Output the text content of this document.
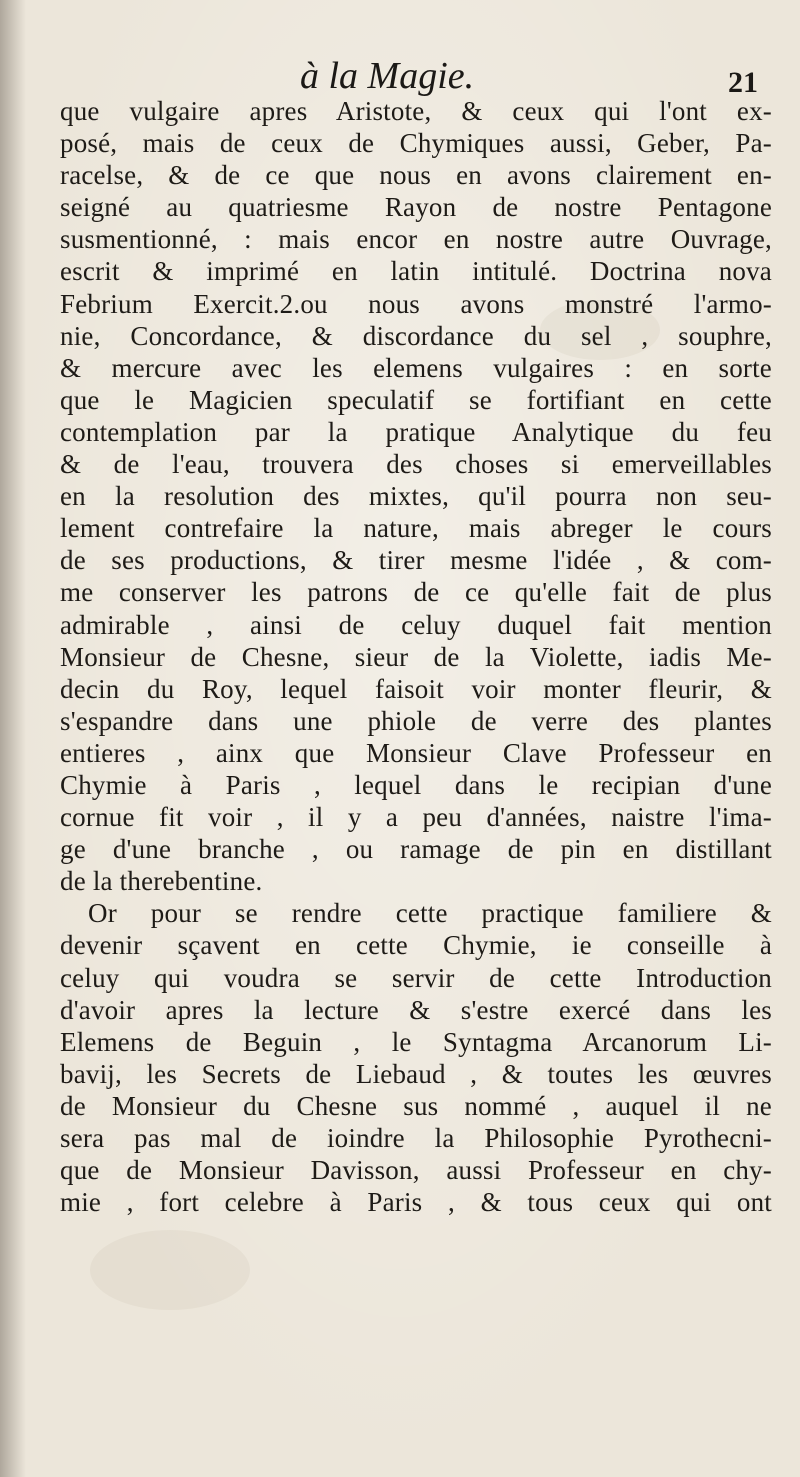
à la Magie.	21
que vulgaire apres Aristote, & ceux qui l'ont ex-
posé, mais de ceux de Chymiques aussi, Geber, Pa-
racelse, & de ce que nous en avons clairement en-
seigné au quatriesme Rayon de nostre Pentagone
susmentionné, : mais encor en nostre autre Ouvrage,
escrit & imprimé en latin intitulé. Doctrina nova
Febrium Exercit.2.ou nous avons monstré l'armo-
nie, Concordance, & discordance du sel , souphre,
& mercure avec les elemens vulgaires : en sorte
que le Magicien speculatif se fortifiant en cette
contemplation par la pratique Analytique du feu
& de l'eau, trouvera des choses si emerveillables
en la resolution des mixtes, qu'il pourra non seu-
lement contrefaire la nature, mais abreger le cours
de ses productions, & tirer mesme l'idée , & com-
me conserver les patrons de ce qu'elle fait de plus
admirable , ainsi de celuy duquel fait mention
Monsieur de Chesne, sieur de la Violette, iadis Me-
decin du Roy, lequel faisoit voir monter fleurir, &
s'espandre dans une phiole de verre des plantes
entieres , ainx que Monsieur Clave Professeur en
Chymie à Paris , lequel dans le recipian d'une
cornue fit voir , il y a peu d'années, naistre l'ima-
ge d'une branche , ou ramage de pin en distillant
de la therebentine.
Or pour se rendre cette practique familiere &
devenir sçavent en cette Chymie, ie conseille à
celuy qui voudra se servir de cette Introduction
d'avoir apres la lecture & s'estre exercé dans les
Elemens de Beguin , le Syntagma Arcanorum Li-
bavij, les Secrets de Liebaud , & toutes les œuvres
de Monsieur du Chesne sus nommé , auquel il ne
sera pas mal de ioindre la Philosophie Pyrothecni-
que de Monsieur Davisson, aussi Professeur en chy-
mie , fort celebre à Paris , & tous ceux qui ont
